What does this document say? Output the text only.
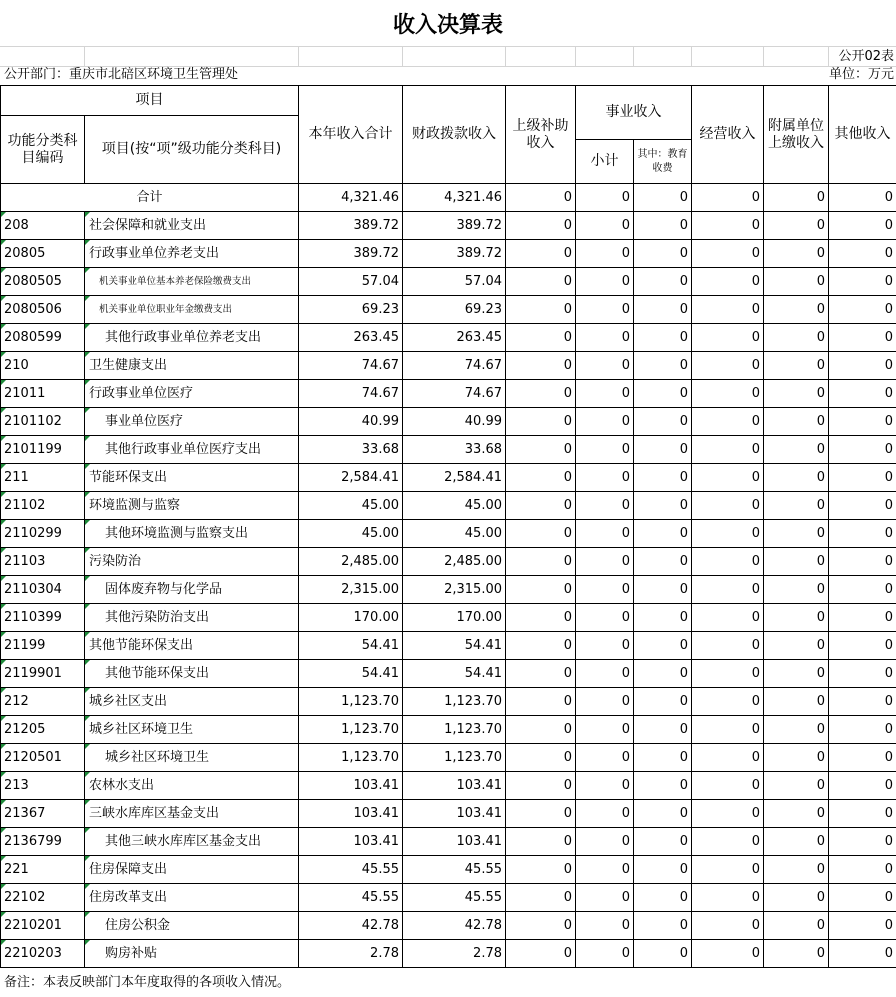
收入决算表
公开02表
公开部门：重庆市北碚区环境卫生管理处	单位：万元
项目		本年收入合计	财政拨款收入	上级补助收入	事业收入		经营收入	附属单位上缴收入	其他收入
功能分类科目编码	项目(按“项”级功能分类科目)								
					小计	其中：教育收费			
合计		4,321.46	4,321.46	0	0	0	0	0	0
208	社会保障和就业支出	389.72	389.72	0	0	0	0	0	0
20805	行政事业单位养老支出	389.72	389.72	0	0	0	0	0	0
2080505	机关事业单位基本养老保险缴费支出	57.04	57.04	0	0	0	0	0	0
2080506	机关事业单位职业年金缴费支出	69.23	69.23	0	0	0	0	0	0
2080599	其他行政事业单位养老支出	263.45	263.45	0	0	0	0	0	0
210	卫生健康支出	74.67	74.67	0	0	0	0	0	0
21011	行政事业单位医疗	74.67	74.67	0	0	0	0	0	0
2101102	事业单位医疗	40.99	40.99	0	0	0	0	0	0
2101199	其他行政事业单位医疗支出	33.68	33.68	0	0	0	0	0	0
211	节能环保支出	2,584.41	2,584.41	0	0	0	0	0	0
21102	环境监测与监察	45.00	45.00	0	0	0	0	0	0
2110299	其他环境监测与监察支出	45.00	45.00	0	0	0	0	0	0
21103	污染防治	2,485.00	2,485.00	0	0	0	0	0	0
2110304	固体废弃物与化学品	2,315.00	2,315.00	0	0	0	0	0	0
2110399	其他污染防治支出	170.00	170.00	0	0	0	0	0	0
21199	其他节能环保支出	54.41	54.41	0	0	0	0	0	0
2119901	其他节能环保支出	54.41	54.41	0	0	0	0	0	0
212	城乡社区支出	1,123.70	1,123.70	0	0	0	0	0	0
21205	城乡社区环境卫生	1,123.70	1,123.70	0	0	0	0	0	0
2120501	城乡社区环境卫生	1,123.70	1,123.70	0	0	0	0	0	0
213	农林水支出	103.41	103.41	0	0	0	0	0	0
21367	三峡水库库区基金支出	103.41	103.41	0	0	0	0	0	0
2136799	其他三峡水库库区基金支出	103.41	103.41	0	0	0	0	0	0
221	住房保障支出	45.55	45.55	0	0	0	0	0	0
22102	住房改革支出	45.55	45.55	0	0	0	0	0	0
2210201	住房公积金	42.78	42.78	0	0	0	0	0	0
2210203	购房补贴	2.78	2.78	0	0	0	0	0	0
备注：本表反映部门本年度取得的各项收入情况。
